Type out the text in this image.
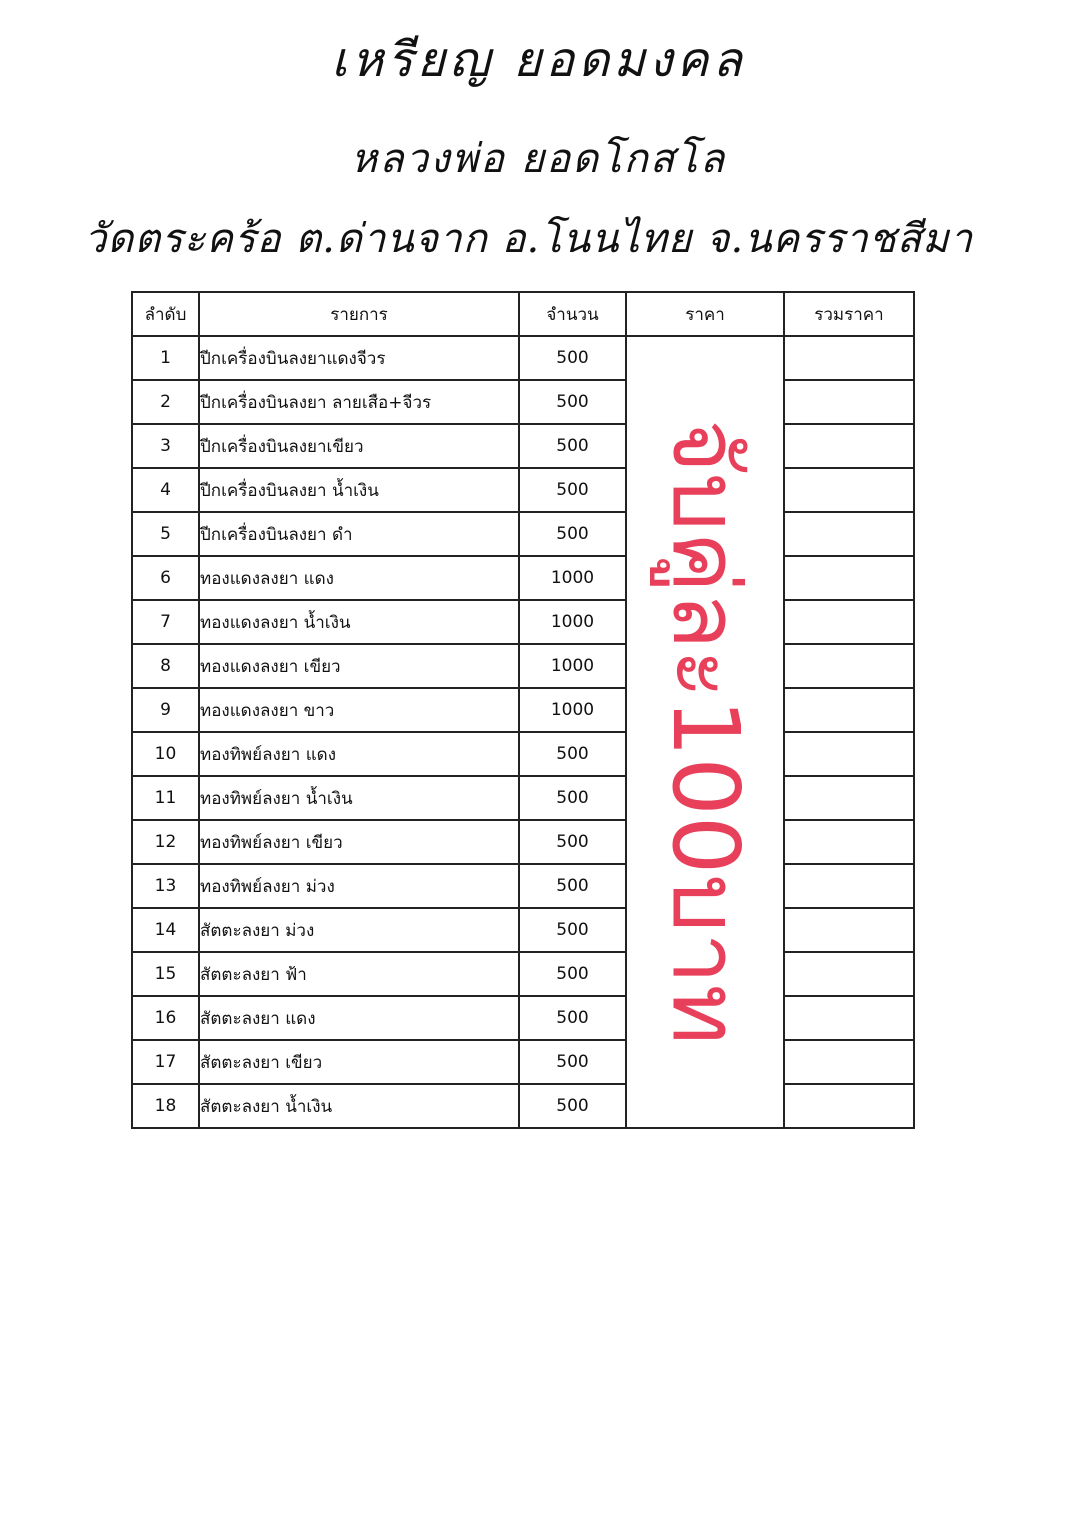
เหรียญ ยอดมงคล
หลวงพ่อ ยอดโกสโล
วัดตระคร้อ ต.ด่านจาก อ.โนนไทย จ.นครราชสีมา
ลำดับ	รายการ	จำนวน	ราคา	รวมราคา
1	ปีกเครื่องบินลงยาแดงจีวร	500	จับคู่ละ100บาท	

2	ปีกเครื่องบินลงยา ลายเสือ+จีวร	500		
3	ปีกเครื่องบินลงยาเขียว	500		
4	ปีกเครื่องบินลงยา น้ำเงิน	500		
5	ปีกเครื่องบินลงยา ดำ	500		
6	ทองแดงลงยา แดง	1000		
7	ทองแดงลงยา น้ำเงิน	1000		
8	ทองแดงลงยา เขียว	1000		
9	ทองแดงลงยา ขาว	1000		
10	ทองทิพย์ลงยา แดง	500		
11	ทองทิพย์ลงยา น้ำเงิน	500		
12	ทองทิพย์ลงยา เขียว	500		
13	ทองทิพย์ลงยา ม่วง	500		
14	สัตตะลงยา ม่วง	500		
15	สัตตะลงยา ฟ้า	500		
16	สัตตะลงยา แดง	500		
17	สัตตะลงยา เขียว	500		
18	สัตตะลงยา น้ำเงิน	500		
